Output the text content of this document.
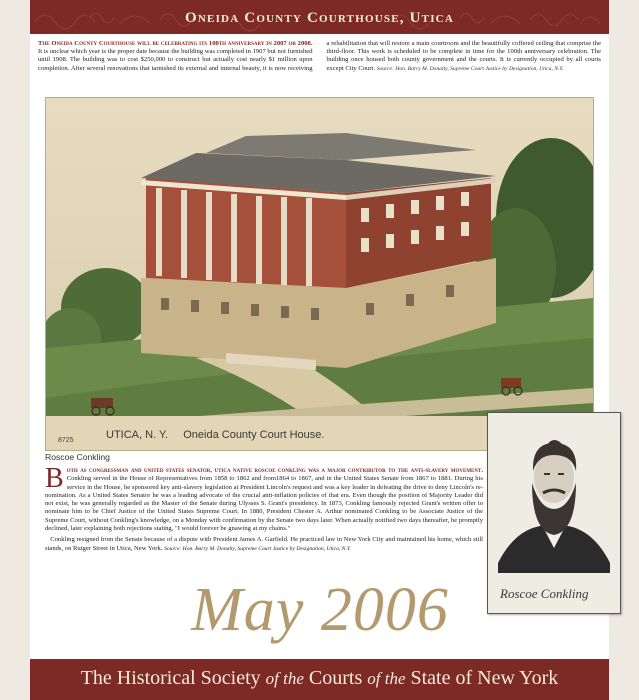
Oneida County Courthouse, Utica
The Oneida County Courthouse will be celebrating its 100th anniversary in 2007 or 2008. It is unclear which year is the proper date because the building was completed in 1907 but not furnished until 1908. The building was to cost $250,000 to construct but actually cost nearly $1 million upon completion. After several renovations that tarnished its external and internal beauty, it is now receiving a rehabilitation that will restore a main courtroom and the beautifully coffered ceiling that comprise the third-floor. This work is scheduled to be complete in time for the 100th anniversary celebration. The building once housed both county government and the courts. It is currently occupied by all courts except City Court. Source: Hon. Barry M. Donalty, Supreme Court Justice by Designation, Utica, N.Y.
8725	UTICA, N. Y.     Oneida County Court House.
Roscoe Conkling

B oth as congressman and united states senator, utica native roscoe conkling was a major contributor to the anti-slavery movement. Conkling served in the House of Representatives from 1858 to 1862 and from1864 to 1867, and in the United States Senate from 1867 to 1881. During his service in the House, he sponsored key anti-slavery legislation at President Lincoln's request and was a key leader in defeating the drive to deny Lincoln's re-nomination. As a United States Senator he was a leading advocate of the crucial anti-inflation policies of that era. Even though the position of Majority Leader did not exist, he was generally regarded as the Master of the Senate during Ulysses S. Grant's presidency. In 1873, Conkling famously rejected Grant's written offer to nominate him to be Chief Justice of the United States Supreme Court. In 1880, President Chester A. Arthur nominated Conkling to be Associate Justice of the Supreme Court, without Conkling's knowledge, on a Monday with confirmation by the Senate two days later. When actually notified two days thereafter, he promptly declined, later explaining both rejections stating, "I would forever be gnawing at my chains."

Conkling resigned from the Senate because of a dispute with President James A. Garfield. He practiced law in New York City and maintained his home, which still stands, on Rutger Street in Utica, New York. Source: Hon. Barry M. Donalty, Supreme Court Justice by Designation, Utica, N.Y.

Roscoe Conkling
May 2006
The Historical Society of the Courts of the State of New York
